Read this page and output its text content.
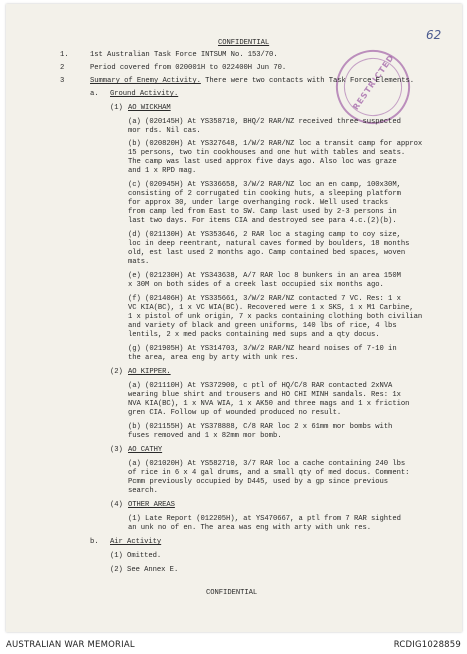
62
RESTRICTED
CONFIDENTIAL
1.	1st Australian Task Force INTSUM No. 153/70.
2	Period covered from 020001H to 022400H Jun 70.
3	Summary of Enemy Activity. There were two contacts with Task Force Elements.
a. Ground Activity.
(1) AO WICKHAM
(a) (020145H) At YS358710, BHQ/2 RAR/NZ received three suspected
mor rds. Nil cas.
(b) (020820H) At YS327648, 1/W/2 RAR/NZ loc a transit camp for approx
15 persons, two tin cookhouses and one hut with tables and seats.
The camp was last used approx five days ago. Also loc was graze
and 1 x RPD mag.
(c) (020945H) At YS336658, 3/W/2 RAR/NZ loc an en camp, 100x30M,
consisting of 2 corrugated tin cooking huts, a sleeping platform
for approx 30, under large overhanging rock. Well used tracks
from camp led from East to SW. Camp last used by 2-3 persons in
last two days. For items CIA and destroyed see para 4.c.(2)(b).
(d) (021130H) At YS353646, 2 RAR loc a staging camp to coy size,
loc in deep reentrant, natural caves formed by boulders, 18 months
old, est last used 2 months ago. Camp contained bed spaces, woven
mats.
(e) (021230H) At YS343638, A/7 RAR loc 8 bunkers in an area 150M
x 30M on both sides of a creek last occupied six months ago.
(f) (021406H) At YS335661, 3/W/2 RAR/NZ contacted 7 VC. Res: 1 x
VC KIA(BC), 1 x VC WIA(BC). Recovered were 1 x SKS, 1 x M1 Carbine,
1 x pistol of unk origin, 7 x packs containing clothing both civilian
and variety of black and green uniforms, 140 lbs of rice, 4 lbs
lentils, 2 x med packs containing med sups and a qty docus.
(g) (021905H) At YS314703, 3/W/2 RAR/NZ heard noises of 7-10 in
the area, area eng by arty with unk res.
(2) AO KIPPER.
(a) (021110H) At YS372900, c ptl of HQ/C/8 RAR contacted 2xNVA
wearing blue shirt and trousers and HO CHI MINH sandals. Res: 1x
NVA KIA(BC), 1 x NVA WIA, 1 x AK50 and three mags and 1 x friction
gren CIA. Follow up of wounded produced no result.
(b) (021155H) At YS378888, C/8 RAR loc 2 x 61mm mor bombs with
fuses removed and 1 x 82mm mor bomb.
(3) AO CATHY
(a) (021020H) At YS582710, 3/7 RAR loc a cache containing 240 lbs
of rice in 6 x 4 gal drums, and a small qty of med docus. Comment:
Pcmm previously occupied by D445, used by a gp since previous
search.
(4) OTHER AREAS
(1) Late Report (012205H), at YS470667, a ptl from 7 RAR sighted
an unk no of en. The area was eng with arty with unk res.
b. Air Activity
(1) Omitted.
(2) See Annex E.
CONFIDENTIAL
AUSTRALIAN WAR MEMORIAL	RCDIG1028859
